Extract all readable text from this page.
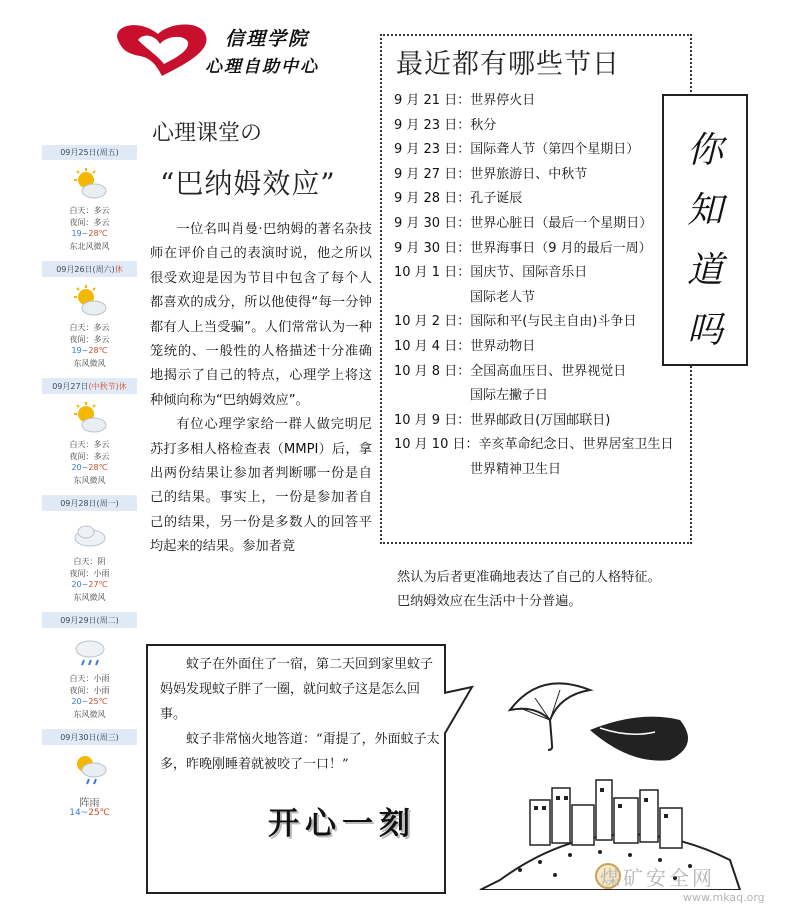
信理学院
心理自助中心
09月25日(周五)
白天：多云
夜间：多云
19~28℃
东北风微风
09月26日(周六)休
白天：多云
夜间：多云
19~28℃
东风微风
09月27日(中秋节)休
白天：多云
夜间：多云
20~28℃
东风微风
09月28日(周一)
白天：阴
夜间：小雨
20~27℃
东风微风
09月29日(周二)
白天：小雨
夜间：小雨
20~25℃
东风微风
09月30日(周三)
阵雨
14~25℃
心理课堂の
“巴纳姆效应”

一位名叫肖曼·巴纳姆的著名杂技师在评价自己的表演时说，他之所以很受欢迎是因为节目中包含了每个人都喜欢的成分，所以他使得“每一分钟都有人上当受骗”。人们常常认为一种笼统的、一般性的人格描述十分准确地揭示了自己的特点，心理学上将这种倾向称为“巴纳姆效应”。

有位心理学家给一群人做完明尼苏打多相人格检查表（MMPI）后，拿出两份结果让参加者判断哪一份是自己的结果。事实上，一份是参加者自己的结果，另一份是多数人的回答平均起来的结果。参加者竟

然认为后者更准确地表达了自己的人格特征。
巴纳姆效应在生活中十分普遍。
最近都有哪些节日
9 月 21 日：世界停火日
9 月 23 日：秋分
9 月 23 日：国际聋人节（第四个星期日）
9 月 27 日：世界旅游日、中秋节
9 月 28 日：孔子诞辰
9 月 30 日：世界心脏日（最后一个星期日）
9 月 30 日：世界海事日（9 月的最后一周）
10 月 1 日：国庆节、国际音乐日
国际老人节
10 月 2 日：国际和平(与民主自由)斗争日
10 月 4 日：世界动物日
10 月 8 日：全国高血压日、世界视觉日
国际左撇子日
10 月 9 日：世界邮政日(万国邮联日)
10 月 10 日：辛亥革命纪念日、世界居室卫生日
世界精神卫生日
你
知
道
吗

蚊子在外面住了一宿，第二天回到家里蚊子妈妈发现蚊子胖了一圈，就问蚊子这是怎么回事。

蚊子非常恼火地答道：“甭提了，外面蚊子太多，昨晚刚睡着就被咬了一口！”

开心一刻
煤矿安全网
www.mkaq.org
